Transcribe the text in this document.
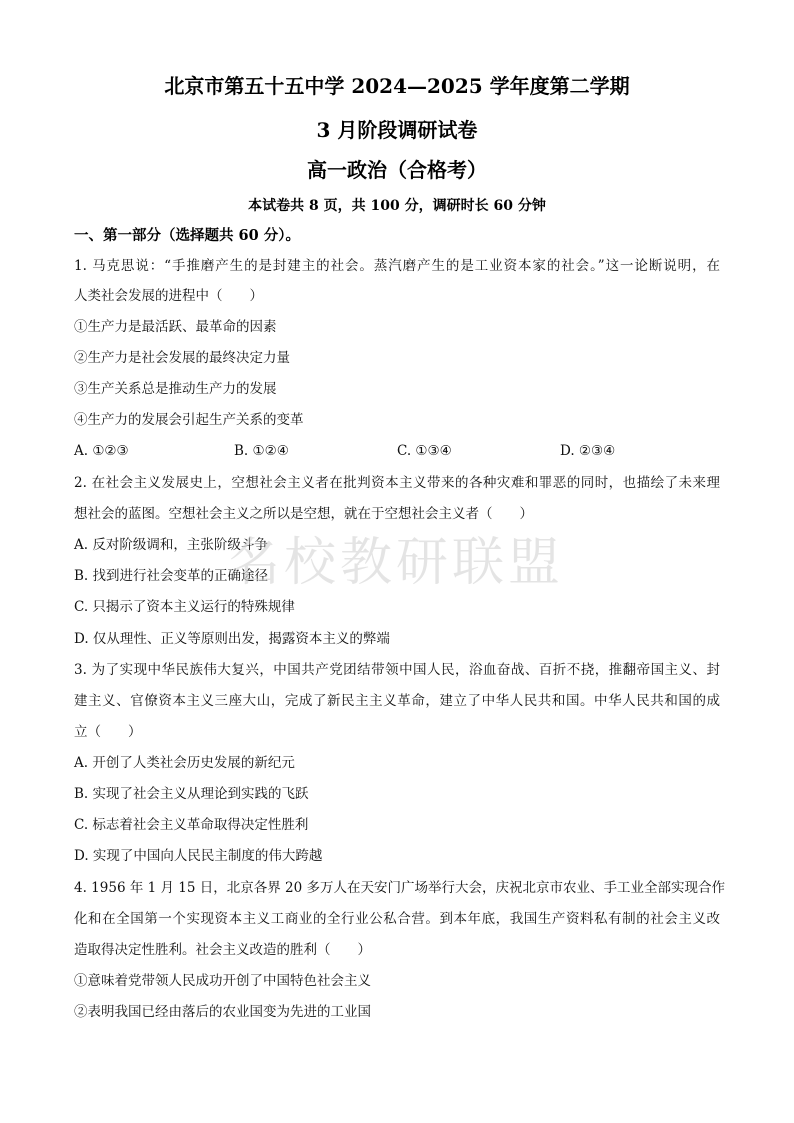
北京市第五十五中学 2024—2025 学年度第二学期
3 月阶段调研试卷
高一政治（合格考）
本试卷共 8 页，共 100 分，调研时长 60 分钟
一、第一部分（选择题共 60 分）。
1. 马克思说：“手推磨产生的是封建主的社会。蒸汽磨产生的是工业资本家的社会。”这一论断说明，在
人类社会发展的进程中（　　）
①生产力是最活跃、最革命的因素
②生产力是社会发展的最终决定力量
③生产关系总是推动生产力的发展
④生产力的发展会引起生产关系的变革
A. ①②③	B. ①②④	C. ①③④	D. ②③④
2. 在社会主义发展史上，空想社会主义者在批判资本主义带来的各种灾难和罪恶的同时，也描绘了未来理
想社会的蓝图。空想社会主义之所以是空想，就在于空想社会主义者（　　）
A. 反对阶级调和，主张阶级斗争
B. 找到进行社会变革的正确途径
C. 只揭示了资本主义运行的特殊规律
D. 仅从理性、正义等原则出发，揭露资本主义的弊端
3. 为了实现中华民族伟大复兴，中国共产党团结带领中国人民，浴血奋战、百折不挠，推翻帝国主义、封
建主义、官僚资本主义三座大山，完成了新民主主义革命，建立了中华人民共和国。中华人民共和国的成
立（　　）
A. 开创了人类社会历史发展的新纪元
B. 实现了社会主义从理论到实践的飞跃
C. 标志着社会主义革命取得决定性胜利
D. 实现了中国向人民民主制度的伟大跨越
4. 1956 年 1 月 15 日，北京各界 20 多万人在天安门广场举行大会，庆祝北京市农业、手工业全部实现合作
化和在全国第一个实现资本主义工商业的全行业公私合营。到本年底，我国生产资料私有制的社会主义改
造取得决定性胜利。社会主义改造的胜利（　　）
①意味着党带领人民成功开创了中国特色社会主义
②表明我国已经由落后的农业国变为先进的工业国
名校教研联盟
